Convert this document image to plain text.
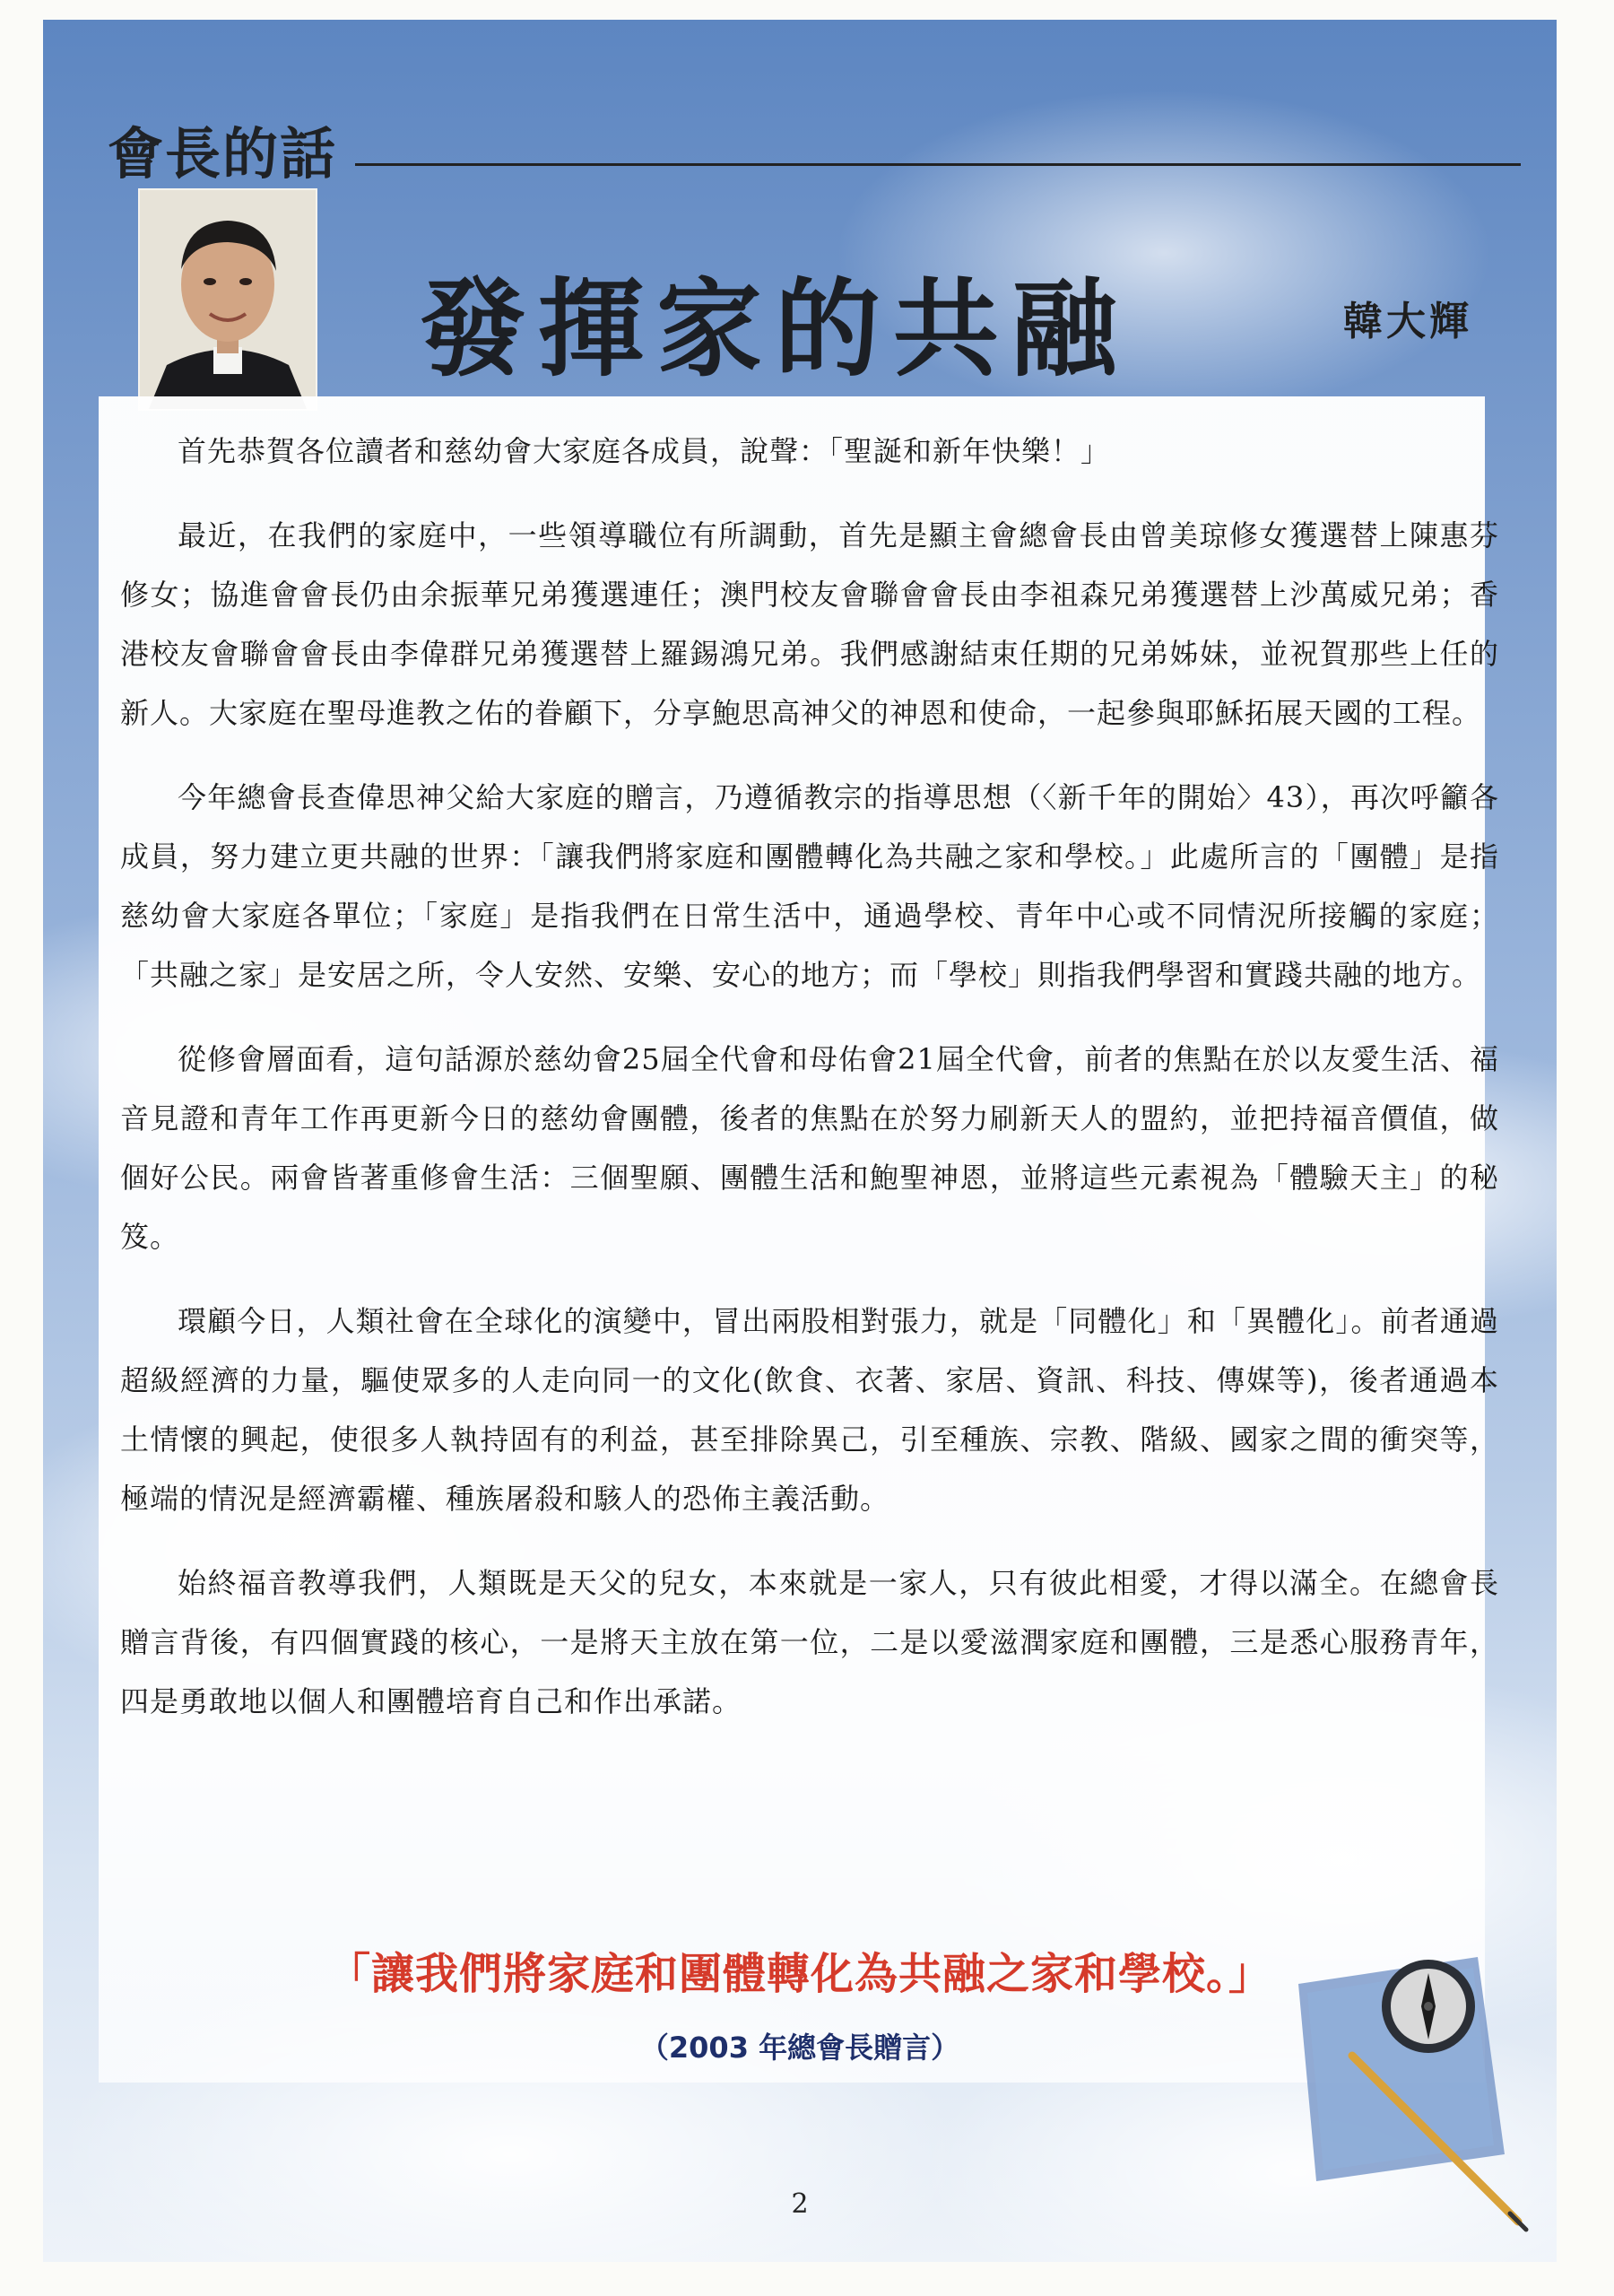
會長的話
發揮家的共融	韓大輝

首先恭賀各位讀者和慈幼會大家庭各成員，說聲：「聖誕和新年快樂！」

最近，在我們的家庭中，一些領導職位有所調動，首先是顯主會總會長由曾美琼修女獲選替上陳惠芬修女；協進會會長仍由余振華兄弟獲選連任；澳門校友會聯會會長由李祖森兄弟獲選替上沙萬威兄弟；香港校友會聯會會長由李偉群兄弟獲選替上羅錫鴻兄弟。我們感謝結束任期的兄弟姊妹，並祝賀那些上任的新人。大家庭在聖母進教之佑的眷顧下，分享鮑思高神父的神恩和使命，一起參與耶穌拓展天國的工程。

今年總會長查偉思神父給大家庭的贈言，乃遵循教宗的指導思想（〈新千年的開始〉43），再次呼籲各成員，努力建立更共融的世界：「讓我們將家庭和團體轉化為共融之家和學校。」此處所言的「團體」是指慈幼會大家庭各單位；「家庭」是指我們在日常生活中，通過學校、青年中心或不同情況所接觸的家庭；「共融之家」是安居之所，令人安然、安樂、安心的地方；而「學校」則指我們學習和實踐共融的地方。

從修會層面看，這句話源於慈幼會25屆全代會和母佑會21屆全代會，前者的焦點在於以友愛生活、福音見證和青年工作再更新今日的慈幼會團體，後者的焦點在於努力刷新天人的盟約，並把持福音價值，做個好公民。兩會皆著重修會生活：三個聖願、團體生活和鮑聖神恩，並將這些元素視為「體驗天主」的秘笈。

環顧今日，人類社會在全球化的演變中，冒出兩股相對張力，就是「同體化」和「異體化」。前者通過超級經濟的力量，驅使眾多的人走向同一的文化(飲食、衣著、家居、資訊、科技、傳媒等)，後者通過本土情懷的興起，使很多人執持固有的利益，甚至排除異己，引至種族、宗教、階級、國家之間的衝突等，極端的情況是經濟霸權、種族屠殺和駭人的恐佈主義活動。

始終福音教導我們，人類既是天父的兒女，本來就是一家人，只有彼此相愛，才得以滿全。在總會長贈言背後，有四個實踐的核心，一是將天主放在第一位，二是以愛滋潤家庭和團體，三是悉心服務青年，四是勇敢地以個人和團體培育自己和作出承諾。

「讓我們將家庭和團體轉化為共融之家和學校。」
（2003 年總會長贈言）
2
